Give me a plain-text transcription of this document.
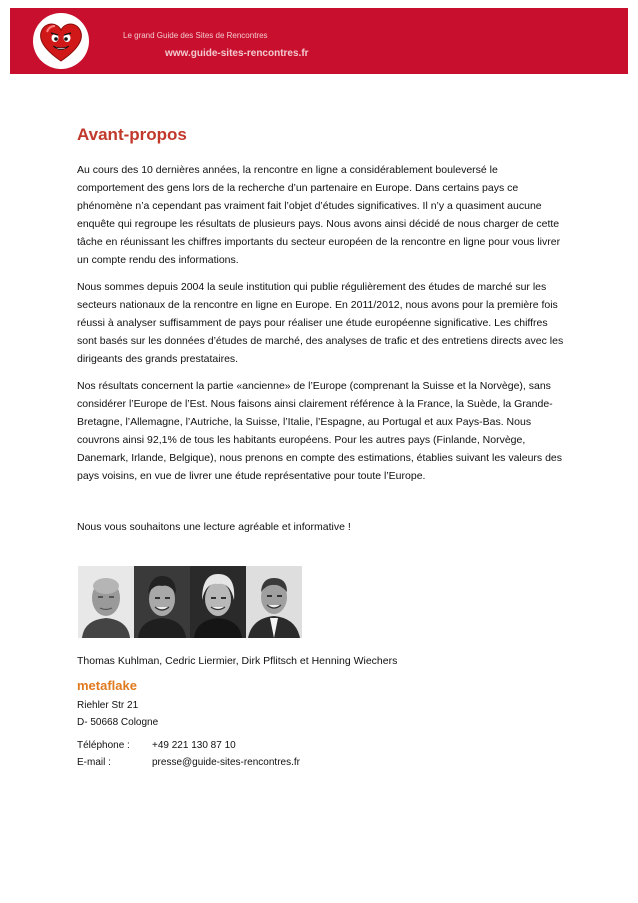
Le grand Guide des Sites de Rencontres
www.guide-sites-rencontres.fr
Avant-propos

Au cours des 10 dernières années, la rencontre en ligne a considérablement bouleversé le comportement des gens lors de la recherche d’un partenaire en Europe. Dans certains pays ce phénomène n’a cependant pas vraiment fait l’objet d’études significatives. Il n’y a quasiment aucune enquête qui regroupe les résultats de plusieurs pays. Nous avons ainsi décidé de nous charger de cette tâche en réunissant les chiffres importants du secteur européen de la rencontre en ligne pour vous livrer un compte rendu des informations.

Nous sommes depuis 2004 la seule institution qui publie régulièrement des études de marché sur les secteurs nationaux de la rencontre en ligne en Europe. En 2011/2012, nous avons pour la première fois réussi à analyser suffisamment de pays pour réaliser une étude européenne significative. Les chiffres sont basés sur les données d’études de marché, des analyses de trafic et des entretiens directs avec les dirigeants des grands prestataires.

Nos résultats concernent la partie «ancienne» de l’Europe (comprenant la Suisse et la Norvège), sans considérer l’Europe de l’Est. Nous faisons ainsi clairement référence à la France, la Suède, la Grande-Bretagne, l’Allemagne, l’Autriche, la Suisse, l’Italie, l’Espagne, au Portugal et aux Pays-Bas. Nous couvrons ainsi 92,1% de tous les habitants européens. Pour les autres pays (Finlande, Norvège, Danemark, Irlande, Belgique), nous prenons en compte des estimations, établies suivant les valeurs des pays voisins, en vue de livrer une étude représentative pour toute l’Europe.

Nous vous souhaitons une lecture agréable et informative !

Thomas Kuhlman, Cedric Liermier, Dirk Pflitsch et Henning Wiechers
metaflake
Riehler Str 21
D- 50668 Cologne
Téléphone :	+49 221 130 87 10
E-mail :	presse@guide-sites-rencontres.fr
